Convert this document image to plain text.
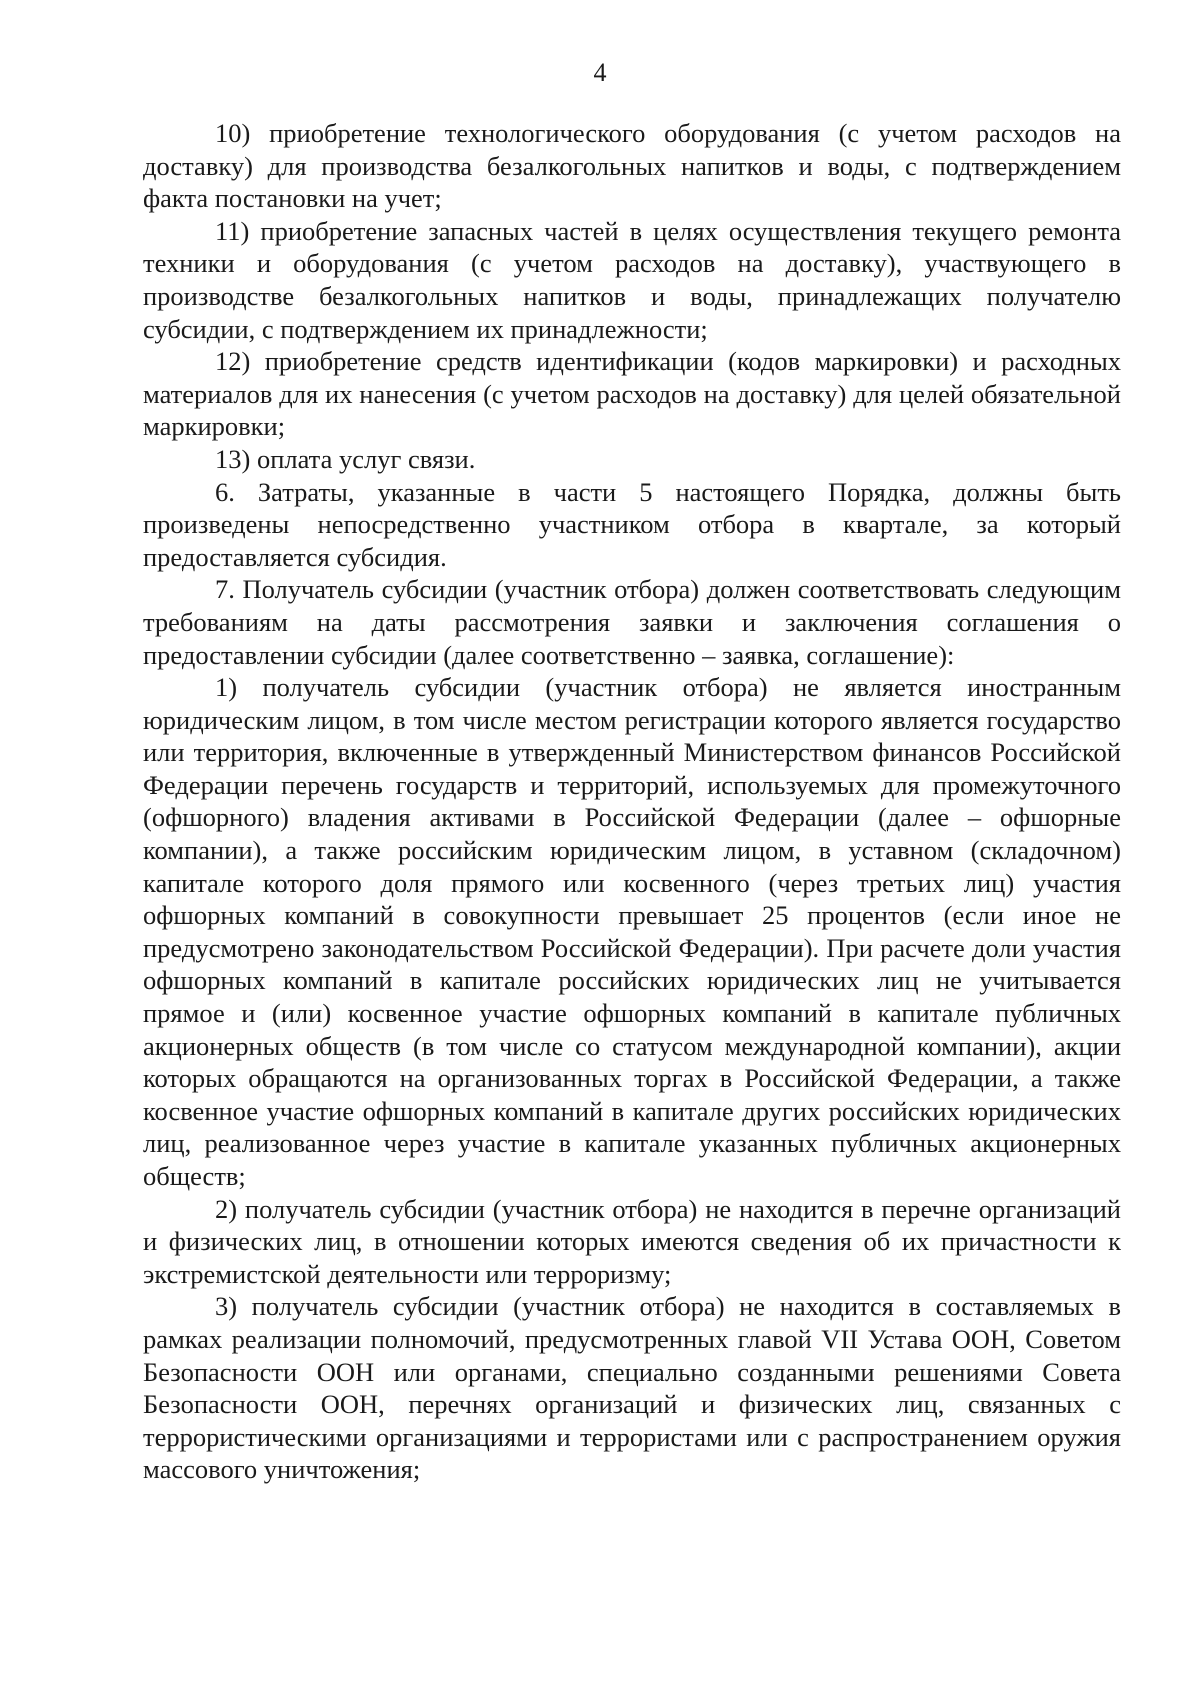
4

10) приобретение технологического оборудования (с учетом расходов на доставку) для производства безалкогольных напитков и воды, с подтверждением факта постановки на учет;

11) приобретение запасных частей в целях осуществления текущего ремонта техники и оборудования (с учетом расходов на доставку), участвующего в производстве безалкогольных напитков и воды, принадлежащих получателю субсидии, с подтверждением их принадлежности;

12) приобретение средств идентификации (кодов маркировки) и расходных материалов для их нанесения (с учетом расходов на доставку) для целей обязательной маркировки;

13) оплата услуг связи.

6. Затраты, указанные в части 5 настоящего Порядка, должны быть произведены непосредственно участником отбора в квартале, за который предоставляется субсидия.

7. Получатель субсидии (участник отбора) должен соответствовать следующим требованиям на даты рассмотрения заявки и заключения соглашения о предоставлении субсидии (далее соответственно – заявка, соглашение):

1) получатель субсидии (участник отбора) не является иностранным юридическим лицом, в том числе местом регистрации которого является государство или территория, включенные в утвержденный Министерством финансов Российской Федерации перечень государств и территорий, используемых для промежуточного (офшорного) владения активами в Российской Федерации (далее – офшорные компании), а также российским юридическим лицом, в уставном (складочном) капитале которого доля прямого или косвенного (через третьих лиц) участия офшорных компаний в совокупности превышает 25 процентов (если иное не предусмотрено законодательством Российской Федерации). При расчете доли участия офшорных компаний в капитале российских юридических лиц не учитывается прямое и (или) косвенное участие офшорных компаний в капитале публичных акционерных обществ (в том числе со статусом международной компании), акции которых обращаются на организованных торгах в Российской Федерации, а также косвенное участие офшорных компаний в капитале других российских юридических лиц, реализованное через участие в капитале указанных публичных акционерных обществ;

2) получатель субсидии (участник отбора) не находится в перечне организаций и физических лиц, в отношении которых имеются сведения об их причастности к экстремистской деятельности или терроризму;

3) получатель субсидии (участник отбора) не находится в составляемых в рамках реализации полномочий, предусмотренных главой VII Устава ООН, Советом Безопасности ООН или органами, специально созданными решениями Совета Безопасности ООН, перечнях организаций и физических лиц, связанных с террористическими организациями и террористами или с распространением оружия массового уничтожения;
